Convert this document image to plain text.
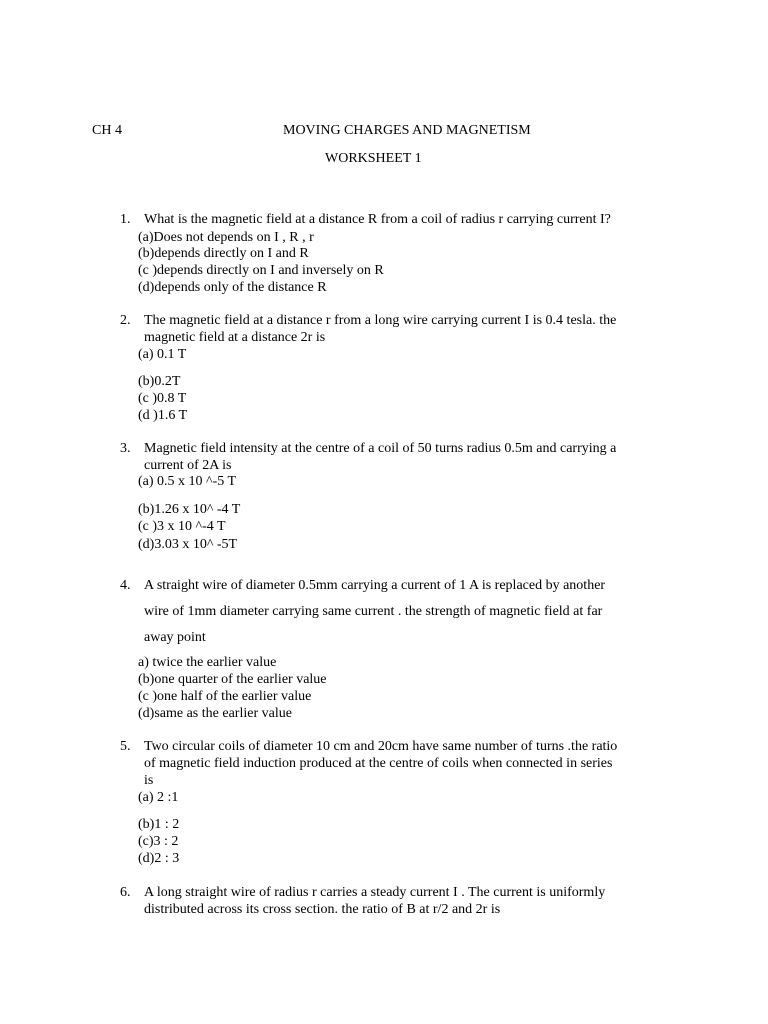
CH 4	MOVING CHARGES AND MAGNETISM
WORKSHEET 1
1. What is the magnetic field at a distance R from a coil of radius r carrying current I?
(a)Does not depends on I , R , r
(b)depends directly on I and R
(c )depends directly on I and inversely on R
(d)depends only of the distance R
2. The magnetic field at a distance r from a long wire carrying current I is 0.4 tesla. the
magnetic field at a distance 2r is
(a) 0.1 T
(b)0.2T
(c )0.8 T
(d )1.6 T
3. Magnetic field intensity at the centre of a coil of 50 turns radius 0.5m and carrying a
current of 2A is
(a) 0.5 x 10 ^-5 T
(b)1.26 x 10^ -4 T
(c )3 x 10 ^-4 T
(d)3.03 x 10^ -5T
4. A straight wire of diameter 0.5mm carrying a current of 1 A is replaced by another
wire of 1mm diameter carrying same current . the strength of magnetic field at far
away point
a) twice the earlier value
(b)one quarter of the earlier value
(c )one half of the earlier value
(d)same as the earlier value
5. Two circular coils of diameter 10 cm and 20cm have same number of turns .the ratio
of magnetic field induction produced at the centre of coils when connected in series
is
(a) 2 :1
(b)1 : 2
(c)3 : 2
(d)2 : 3
6. A long straight wire of radius r carries a steady current I . The current is uniformly
distributed across its cross section. the ratio of B at r/2 and 2r is
